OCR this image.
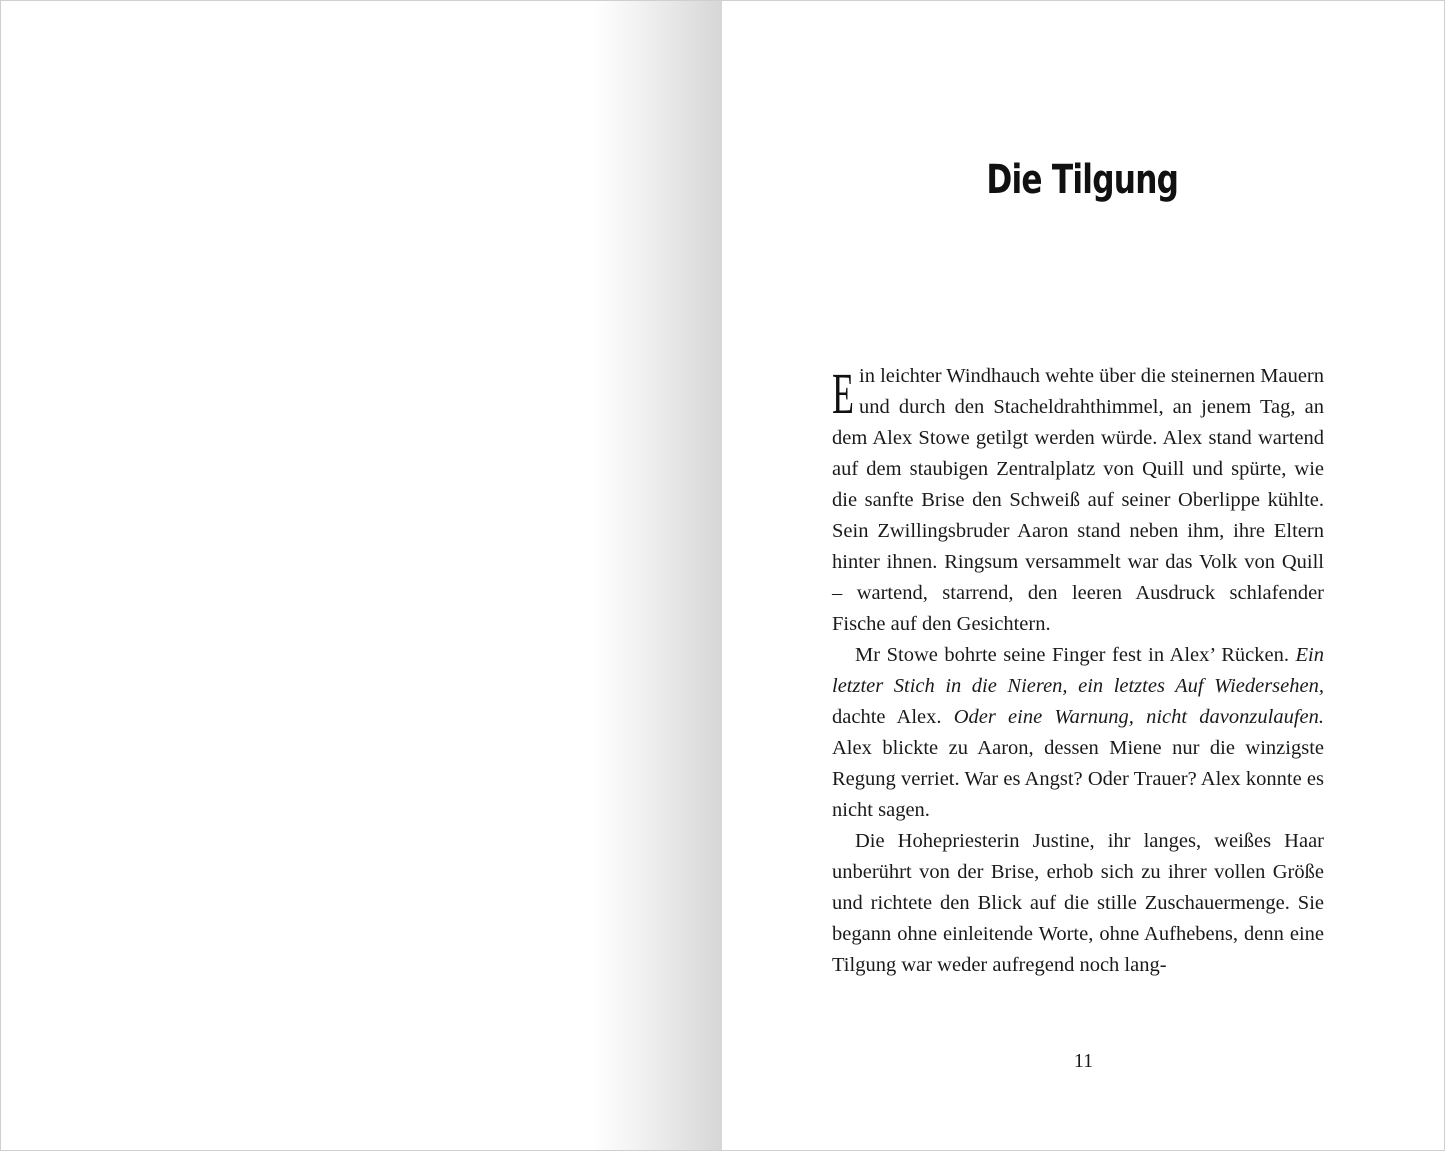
Die Tilgung

Ein leichter Windhauch wehte über die steinernen Mauern und durch den Stacheldrahthimmel, an jenem Tag, an dem Alex Stowe getilgt werden würde. Alex stand wartend auf dem staubigen Zentralplatz von Quill und spürte, wie die sanfte Brise den Schweiß auf seiner Oberlippe kühlte. Sein Zwillingsbruder Aaron stand neben ihm, ihre Eltern hinter ihnen. Ringsum versammelt war das Volk von Quill – wartend, starrend, den leeren Ausdruck schlafender Fische auf den Gesichtern.

Mr Stowe bohrte seine Finger fest in Alex’ Rücken. Ein letzter Stich in die Nieren, ein letztes Auf Wiedersehen, dachte Alex. Oder eine Warnung, nicht davonzulaufen. Alex blickte zu Aaron, dessen Miene nur die winzigste Regung verriet. War es Angst? Oder Trauer? Alex konnte es nicht sagen.

Die Hohepriesterin Justine, ihr langes, weißes Haar unberührt von der Brise, erhob sich zu ihrer vollen Größe und richtete den Blick auf die stille Zuschauermenge. Sie begann ohne einleitende Worte, ohne Aufhebens, denn eine Tilgung war weder aufregend noch lang-

11
